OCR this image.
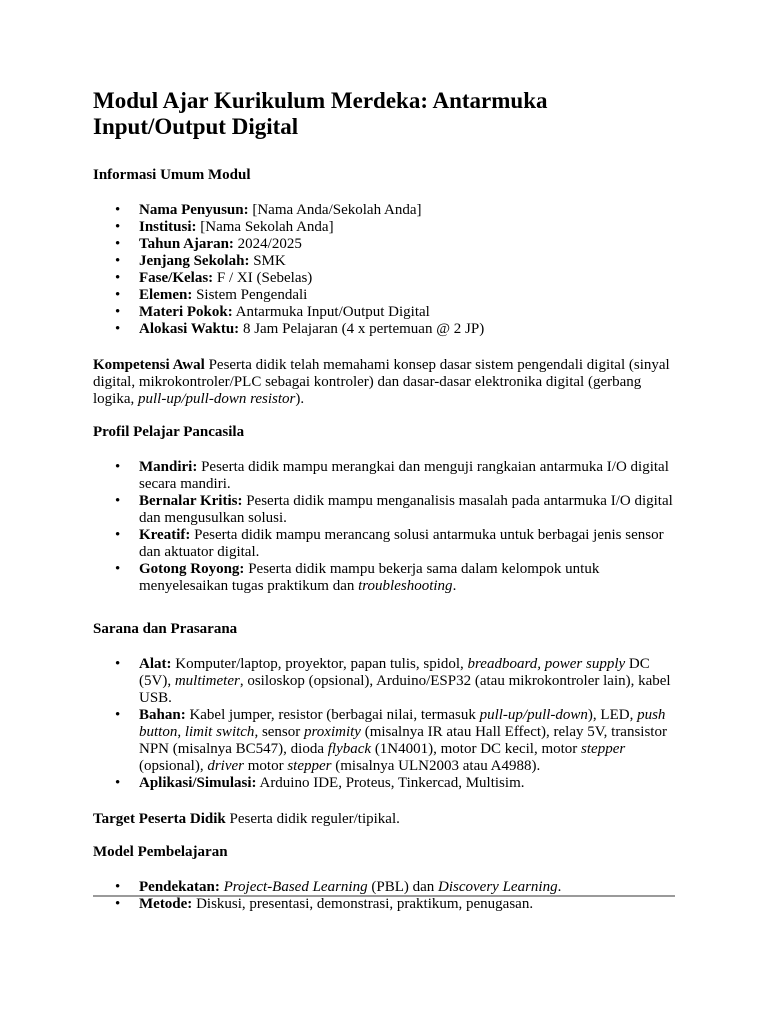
Modul Ajar Kurikulum Merdeka: Antarmuka Input/Output Digital
Informasi Umum Modul
• Nama Penyusun: [Nama Anda/Sekolah Anda]
• Institusi: [Nama Sekolah Anda]
• Tahun Ajaran: 2024/2025
• Jenjang Sekolah: SMK
• Fase/Kelas: F / XI (Sebelas)
• Elemen: Sistem Pengendali
• Materi Pokok: Antarmuka Input/Output Digital
• Alokasi Waktu: 8 Jam Pelajaran (4 x pertemuan @ 2 JP)

Kompetensi Awal Peserta didik telah memahami konsep dasar sistem pengendali digital (sinyal digital, mikrokontroler/PLC sebagai kontroler) dan dasar-dasar elektronika digital (gerbang logika, pull-up/pull-down resistor).

Profil Pelajar Pancasila
• Mandiri: Peserta didik mampu merangkai dan menguji rangkaian antarmuka I/O digital secara mandiri.
• Bernalar Kritis: Peserta didik mampu menganalisis masalah pada antarmuka I/O digital dan mengusulkan solusi.
• Kreatif: Peserta didik mampu merancang solusi antarmuka untuk berbagai jenis sensor dan aktuator digital.
• Gotong Royong: Peserta didik mampu bekerja sama dalam kelompok untuk menyelesaikan tugas praktikum dan troubleshooting.
Sarana dan Prasarana
• Alat: Komputer/laptop, proyektor, papan tulis, spidol, breadboard, power supply DC (5V), multimeter, osiloskop (opsional), Arduino/ESP32 (atau mikrokontroler lain), kabel USB.
• Bahan: Kabel jumper, resistor (berbagai nilai, termasuk pull-up/pull-down), LED, push button, limit switch, sensor proximity (misalnya IR atau Hall Effect), relay 5V, transistor NPN (misalnya BC547), dioda flyback (1N4001), motor DC kecil, motor stepper (opsional), driver motor stepper (misalnya ULN2003 atau A4988).
• Aplikasi/Simulasi: Arduino IDE, Proteus, Tinkercad, Multisim.

Target Peserta Didik Peserta didik reguler/tipikal.

Model Pembelajaran
• Pendekatan: Project-Based Learning (PBL) dan Discovery Learning.
• Metode: Diskusi, presentasi, demonstrasi, praktikum, penugasan.
